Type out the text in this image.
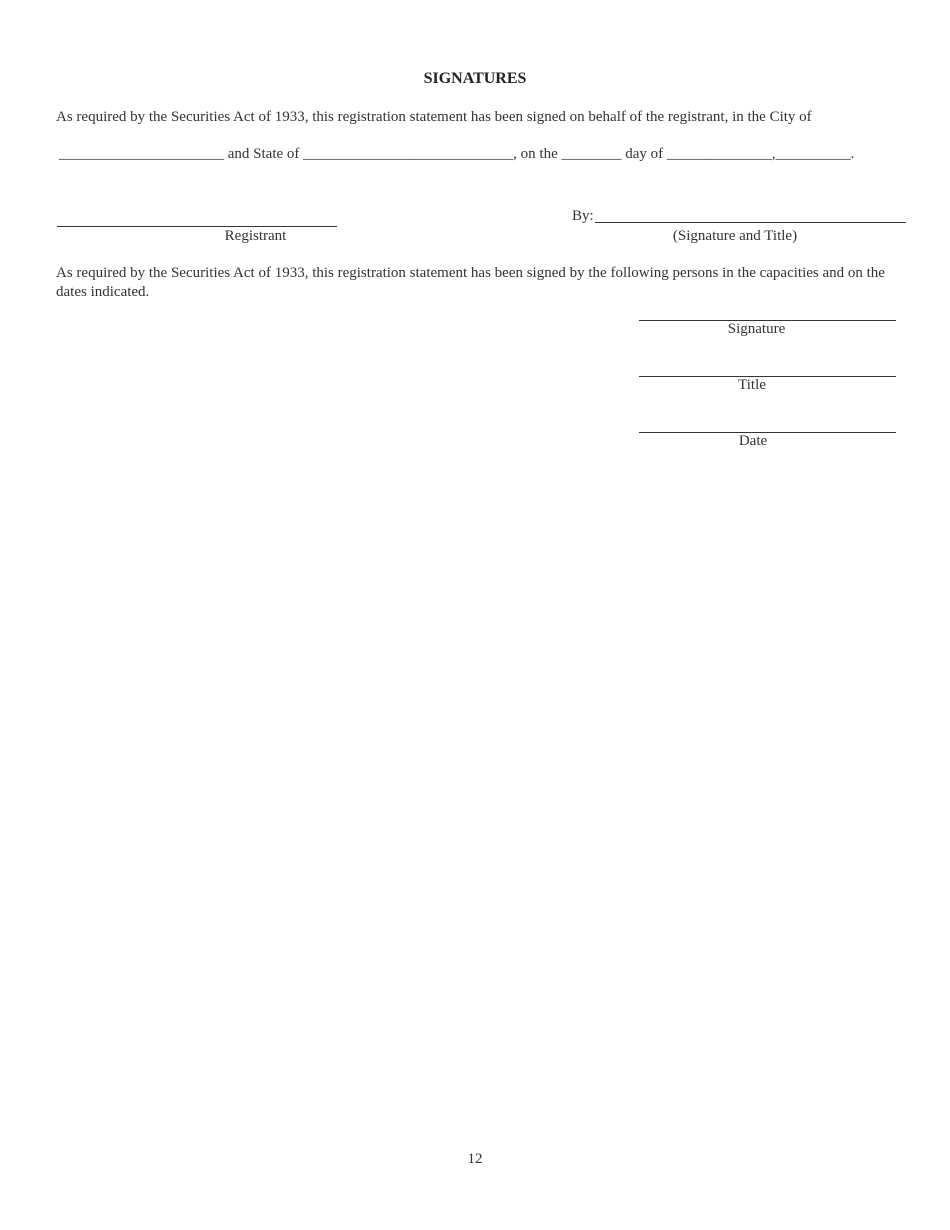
SIGNATURES
As required by the Securities Act of 1933, this registration statement has been signed on behalf of the registrant, in the City of
______________________ and State of ____________________________, on the ________ day of ______________,__________.
Registrant
By:
(Signature and Title)
As required by the Securities Act of 1933, this registration statement has been signed by the following persons in the capacities and on the dates indicated.
Signature
Title
Date
12
